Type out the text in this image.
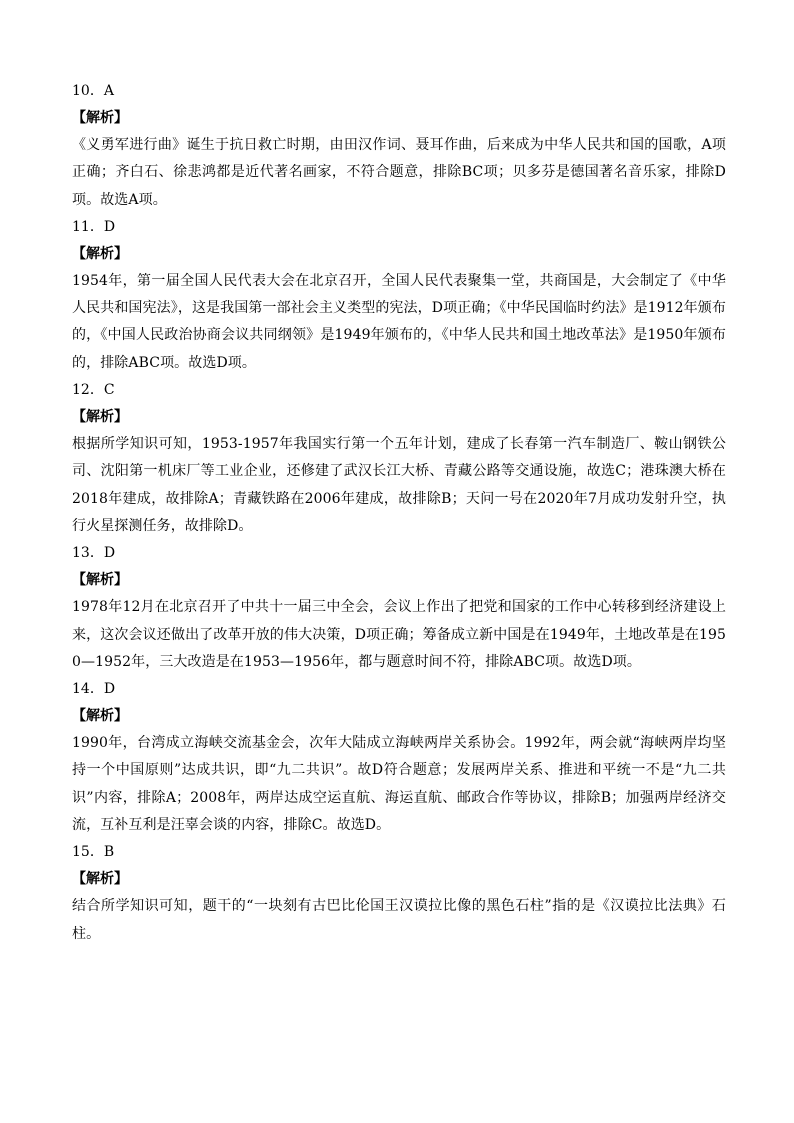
10．A
【解析】
《义勇军进行曲》诞生于抗日救亡时期，由田汉作词、聂耳作曲，后来成为中华人民共和国的国歌，A项正确；齐白石、徐悲鸿都是近代著名画家，不符合题意，排除BC项；贝多芬是德国著名音乐家，排除D项。故选A项。
11．D
【解析】
1954年，第一届全国人民代表大会在北京召开，全国人民代表聚集一堂，共商国是，大会制定了《中华人民共和国宪法》，这是我国第一部社会主义类型的宪法，D项正确；《中华民国临时约法》是1912年颁布的，《中国人民政治协商会议共同纲领》是1949年颁布的，《中华人民共和国土地改革法》是1950年颁布的，排除ABC项。故选D项。
12．C
【解析】
根据所学知识可知，1953-1957年我国实行第一个五年计划，建成了长春第一汽车制造厂、鞍山钢铁公司、沈阳第一机床厂等工业企业，还修建了武汉长江大桥、青藏公路等交通设施，故选C；港珠澳大桥在2018年建成，故排除A；青藏铁路在2006年建成，故排除B；天问一号在2020年7月成功发射升空，执行火星探测任务，故排除D。
13．D
【解析】
1978年12月在北京召开了中共十一届三中全会，会议上作出了把党和国家的工作中心转移到经济建设上来，这次会议还做出了改革开放的伟大决策，D项正确；筹备成立新中国是在1949年，土地改革是在1950—1952年，三大改造是在1953—1956年，都与题意时间不符，排除ABC项。故选D项。
14．D
【解析】
1990年，台湾成立海峡交流基金会，次年大陆成立海峡两岸关系协会。1992年，两会就“海峡两岸均坚持一个中国原则”达成共识，即“九二共识”。故D符合题意；发展两岸关系、推进和平统一不是“九二共识”内容，排除A；2008年，两岸达成空运直航、海运直航、邮政合作等协议，排除B；加强两岸经济交流，互补互利是汪辜会谈的内容，排除C。故选D。
15．B
【解析】
结合所学知识可知，题干的“一块刻有古巴比伦国王汉谟拉比像的黑色石柱”指的是《汉谟拉比法典》石柱。
